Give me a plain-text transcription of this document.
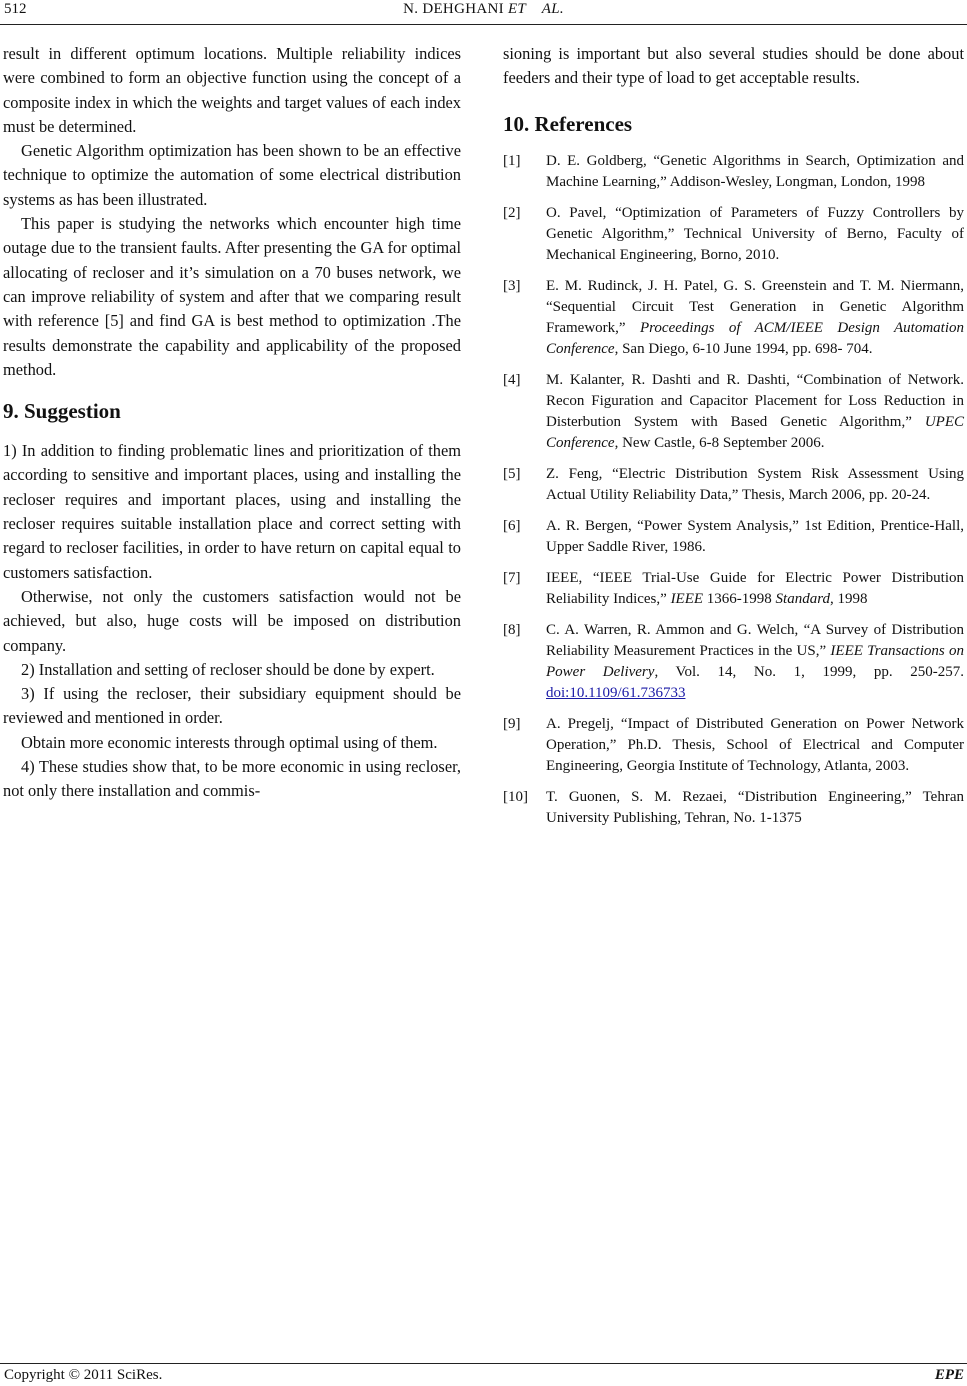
512	N. DEHGHANI ET    AL.

result in different optimum locations. Multiple reliability indices were combined to form an objective function using the concept of a composite index in which the weights and target values of each index must be determined.

Genetic Algorithm optimization has been shown to be an effective technique to optimize the automation of some electrical distribution systems as has been illustrated.

This paper is studying the networks which encounter high time outage due to the transient faults. After presenting the GA for optimal allocating of recloser and it’s simulation on a 70 buses network, we can improve reliability of system and after that we comparing result with reference [5] and find GA is best method to optimization .The results demonstrate the capability and applicability of the proposed method.

9. Suggestion

1) In addition to finding problematic lines and prioritization of them according to sensitive and important places, using and installing the recloser requires and important places, using and installing the recloser requires suitable installation place and correct setting with regard to recloser facilities, in order to have return on capital equal to customers satisfaction.

Otherwise, not only the customers satisfaction would not be achieved, but also, huge costs will be imposed on distribution company.

2) Installation and setting of recloser should be done by expert.

3) If using the recloser, their subsidiary equipment should be reviewed and mentioned in order.

Obtain more economic interests through optimal using of them.

4) These studies show that, to be more economic in using recloser, not only there installation and commis-

sioning is important but also several studies should be done about feeders and their type of load to get acceptable results.

10. References
[1] D. E. Goldberg, “Genetic Algorithms in Search, Optimization and Machine Learning,” Addison-Wesley, Longman, London, 1998
[2] O. Pavel, “Optimization of Parameters of Fuzzy Controllers by Genetic Algorithm,” Technical University of Berno, Faculty of Mechanical Engineering, Borno, 2010.
[3] E. M. Rudinck, J. H. Patel, G. S. Greenstein and T. M. Niermann, “Sequential Circuit Test Generation in Genetic Algorithm Framework,” Proceedings of ACM/IEEE Design Automation Conference, San Diego, 6-10 June 1994, pp. 698- 704.
[4] M. Kalanter, R. Dashti and R. Dashti, “Combination of Network. Recon Figuration and Capacitor Placement for Loss Reduction in Disterbution System with Based Genetic Algorithm,” UPEC Conference, New Castle, 6-8 September 2006.
[5] Z. Feng, “Electric Distribution System Risk Assessment Using Actual Utility Reliability Data,” Thesis, March 2006, pp. 20-24.
[6] A. R. Bergen, “Power System Analysis,” 1st Edition, Prentice-Hall, Upper Saddle River, 1986.
[7] IEEE, “IEEE Trial-Use Guide for Electric Power Distribution Reliability Indices,” IEEE 1366-1998 Standard, 1998
[8] C. A. Warren, R. Ammon and G. Welch, “A Survey of Distribution Reliability Measurement Practices in the US,” IEEE Transactions on Power Delivery, Vol. 14, No. 1, 1999, pp. 250-257. doi:10.1109/61.736733
[9] A. Pregelj, “Impact of Distributed Generation on Power Network Operation,” Ph.D. Thesis, School of Electrical and Computer Engineering, Georgia Institute of Technology, Atlanta, 2003.
[10] T. Guonen, S. M. Rezaei, “Distribution Engineering,” Tehran University Publishing, Tehran, No. 1-1375
Copyright © 2011 SciRes.	EPE
